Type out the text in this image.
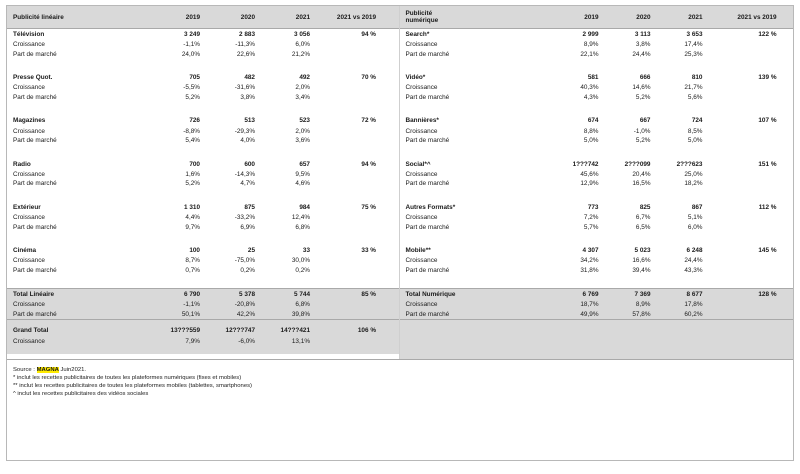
Publicité linéaire	2019	2020	2021	2021 vs 2019
Télévision	3 249	2 883	3 056	94 %
Croissance	-1,1%	-11,3%	6,0%
Part de marché	24,0%	22,6%	21,2%
Presse Quot.	705	482	492	70 %
Croissance	-5,5%	-31,6%	2,0%
Part de marché	5,2%	3,8%	3,4%
Magazines	726	513	523	72 %
Croissance	-8,8%	-29,3%	2,0%
Part de marché	5,4%	4,0%	3,6%
Radio	700	600	657	94 %
Croissance	1,6%	-14,3%	9,5%
Part de marché	5,2%	4,7%	4,6%
Extérieur	1 310	875	984	75 %
Croissance	4,4%	-33,2%	12,4%
Part de marché	9,7%	6,9%	6,8%
Cinéma	100	25	33	33 %
Croissance	8,7%	-75,0%	30,0%
Part de marché	0,7%	0,2%	0,2%
Total Linéaire	6 790	5 378	5 744	85 %
Croissance	-1,1%	-20,8%	6,8%
Part de marché	50,1%	42,2%	39,8%
Grand Total	13???559	12???747	14???421	106 %
Croissance	7,9%	-6,0%	13,1%
Publicité
numérique	2019	2020	2021	2021 vs 2019
Search*	2 999	3 113	3 653	122 %
Croissance	8,9%	3,8%	17,4%
Part de marché	22,1%	24,4%	25,3%
Vidéo*	581	666	810	139 %
Croissance	40,3%	14,6%	21,7%
Part de marché	4,3%	5,2%	5,6%
Bannières*	674	667	724	107 %
Croissance	8,8%	-1,0%	8,5%
Part de marché	5,0%	5,2%	5,0%
Social*^	1???742	2???099	2???623	151 %
Croissance	45,6%	20,4%	25,0%
Part de marché	12,9%	16,5%	18,2%
Autres Formats*	773	825	867	112 %
Croissance	7,2%	6,7%	5,1%
Part de marché	5,7%	6,5%	6,0%
Mobile**	4 307	5 023	6 248	145 %
Croissance	34,2%	16,6%	24,4%
Part de marché	31,8%	39,4%	43,3%
Total Numérique	6 769	7 369	8 677	128 %
Croissance	18,7%	8,9%	17,8%
Part de marché	49,9%	57,8%	60,2%
Source : MAGNA Juin2021.
* inclut les recettes publicitaires de toutes les plateformes numériques (fixes et mobiles)
** inclut les recettes publicitaires de toutes les plateformes mobiles (tablettes, smartphones)
^ inclut les recettes publicitaires des vidéos sociales
